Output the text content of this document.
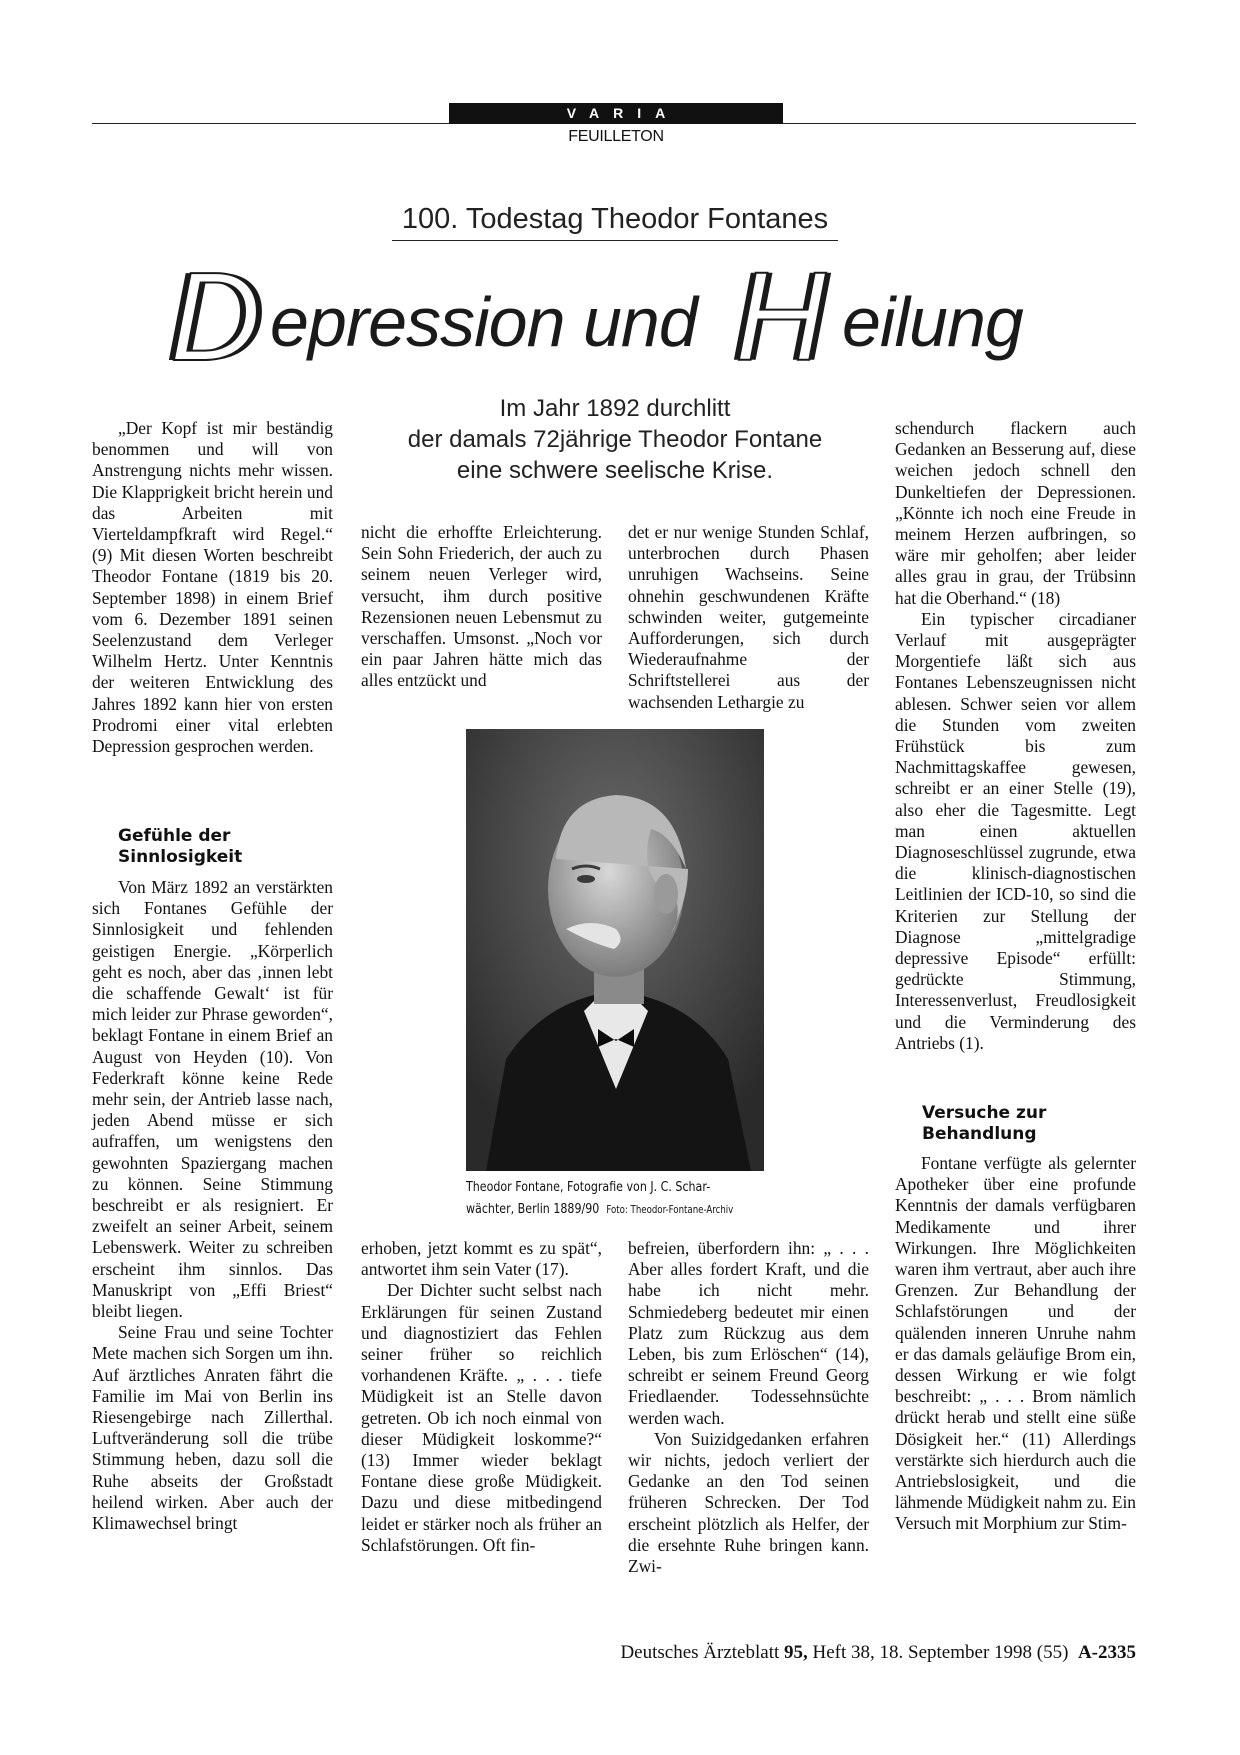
VARIA
FEUILLETON
100. Todestag Theodor Fontanes
D epression und H eilung
Im Jahr 1892 durchlitt
der damals 72jährige Theodor Fontane
eine schwere seelische Krise.

„Der Kopf ist mir beständig benommen und will von Anstrengung nichts mehr wissen. Die Klapprigkeit bricht herein und das Arbeiten mit Vierteldampfkraft wird Regel.“ (9) Mit diesen Worten beschreibt Theodor Fontane (1819 bis 20. September 1898) in einem Brief vom 6. Dezember 1891 seinen Seelenzustand dem Verleger Wilhelm Hertz. Unter Kenntnis der weiteren Entwicklung des Jahres 1892 kann hier von ersten Prodromi einer vital erlebten Depression gesprochen werden.

Gefühle der
Sinnlosigkeit

Von März 1892 an verstärkten sich Fontanes Gefühle der Sinnlosigkeit und fehlenden geistigen Energie. „Körperlich geht es noch, aber das ‚innen lebt die schaffende Gewalt‘ ist für mich leider zur Phrase geworden“, beklagt Fontane in einem Brief an August von Heyden (10). Von Federkraft könne keine Rede mehr sein, der Antrieb lasse nach, jeden Abend müsse er sich aufraffen, um wenigstens den gewohnten Spaziergang machen zu können. Seine Stimmung beschreibt er als resigniert. Er zweifelt an seiner Arbeit, seinem Lebenswerk. Weiter zu schreiben erscheint ihm sinnlos. Das Manuskript von „Effi Briest“ bleibt liegen.

Seine Frau und seine Tochter Mete machen sich Sorgen um ihn. Auf ärztliches Anraten fährt die Familie im Mai von Berlin ins Riesengebirge nach Zillerthal. Luftveränderung soll die trübe Stimmung heben, dazu soll die Ruhe abseits der Großstadt heilend wirken. Aber auch der Klimawechsel bringt

nicht die erhoffte Erleichterung. Sein Sohn Friederich, der auch zu seinem neuen Verleger wird, versucht, ihm durch positive Rezensionen neuen Lebensmut zu verschaffen. Umsonst. „Noch vor ein paar Jahren hätte mich das alles entzückt und

det er nur wenige Stunden Schlaf, unterbrochen durch Phasen unruhigen Wachseins. Seine ohnehin geschwundenen Kräfte schwinden weiter, gutgemeinte Aufforderungen, sich durch Wiederaufnahme der Schriftstellerei aus der wachsenden Lethargie zu

Theodor Fontane, Fotografie von J. C. Schar-
wächter, Berlin 1889/90 Foto: Theodor-Fontane-Archiv

erhoben, jetzt kommt es zu spät“, antwortet ihm sein Vater (17).

Der Dichter sucht selbst nach Erklärungen für seinen Zustand und diagnostiziert das Fehlen seiner früher so reichlich vorhandenen Kräfte. „ . . . tiefe Müdigkeit ist an Stelle davon getreten. Ob ich noch einmal von dieser Müdigkeit loskomme?“ (13) Immer wieder beklagt Fontane diese große Müdigkeit. Dazu und diese mitbedingend leidet er stärker noch als früher an Schlafstörungen. Oft fin-

befreien, überfordern ihn: „ . . . Aber alles fordert Kraft, und die habe ich nicht mehr. Schmiedeberg bedeutet mir einen Platz zum Rückzug aus dem Leben, bis zum Erlöschen“ (14), schreibt er seinem Freund Georg Friedlaender. Todessehnsüchte werden wach.

Von Suizidgedanken erfahren wir nichts, jedoch verliert der Gedanke an den Tod seinen früheren Schrecken. Der Tod erscheint plötzlich als Helfer, der die ersehnte Ruhe bringen kann. Zwi-

schendurch flackern auch Gedanken an Besserung auf, diese weichen jedoch schnell den Dunkeltiefen der Depressionen. „Könnte ich noch eine Freude in meinem Herzen aufbringen, so wäre mir geholfen; aber leider alles grau in grau, der Trübsinn hat die Oberhand.“ (18)

Ein typischer circadianer Verlauf mit ausgeprägter Morgentiefe läßt sich aus Fontanes Lebenszeugnissen nicht ablesen. Schwer seien vor allem die Stunden vom zweiten Frühstück bis zum Nachmittagskaffee gewesen, schreibt er an einer Stelle (19), also eher die Tagesmitte. Legt man einen aktuellen Diagnoseschlüssel zugrunde, etwa die klinisch-diagnostischen Leitlinien der ICD-10, so sind die Kriterien zur Stellung der Diagnose „mittelgradige depressive Episode“ erfüllt: gedrückte Stimmung, Interessenverlust, Freudlosigkeit und die Verminderung des Antriebs (1).

Versuche zur
Behandlung

Fontane verfügte als gelernter Apotheker über eine profunde Kenntnis der damals verfügbaren Medikamente und ihrer Wirkungen. Ihre Möglichkeiten waren ihm vertraut, aber auch ihre Grenzen. Zur Behandlung der Schlafstörungen und der quälenden inneren Unruhe nahm er das damals geläufige Brom ein, dessen Wirkung er wie folgt beschreibt: „ . . . Brom nämlich drückt herab und stellt eine süße Dösigkeit her.“ (11) Allerdings verstärkte sich hierdurch auch die Antriebslosigkeit, und die lähmende Müdigkeit nahm zu. Ein Versuch mit Morphium zur Stim-

Deutsches Ärzteblatt 95, Heft 38, 18. September 1998 (55) A-2335
